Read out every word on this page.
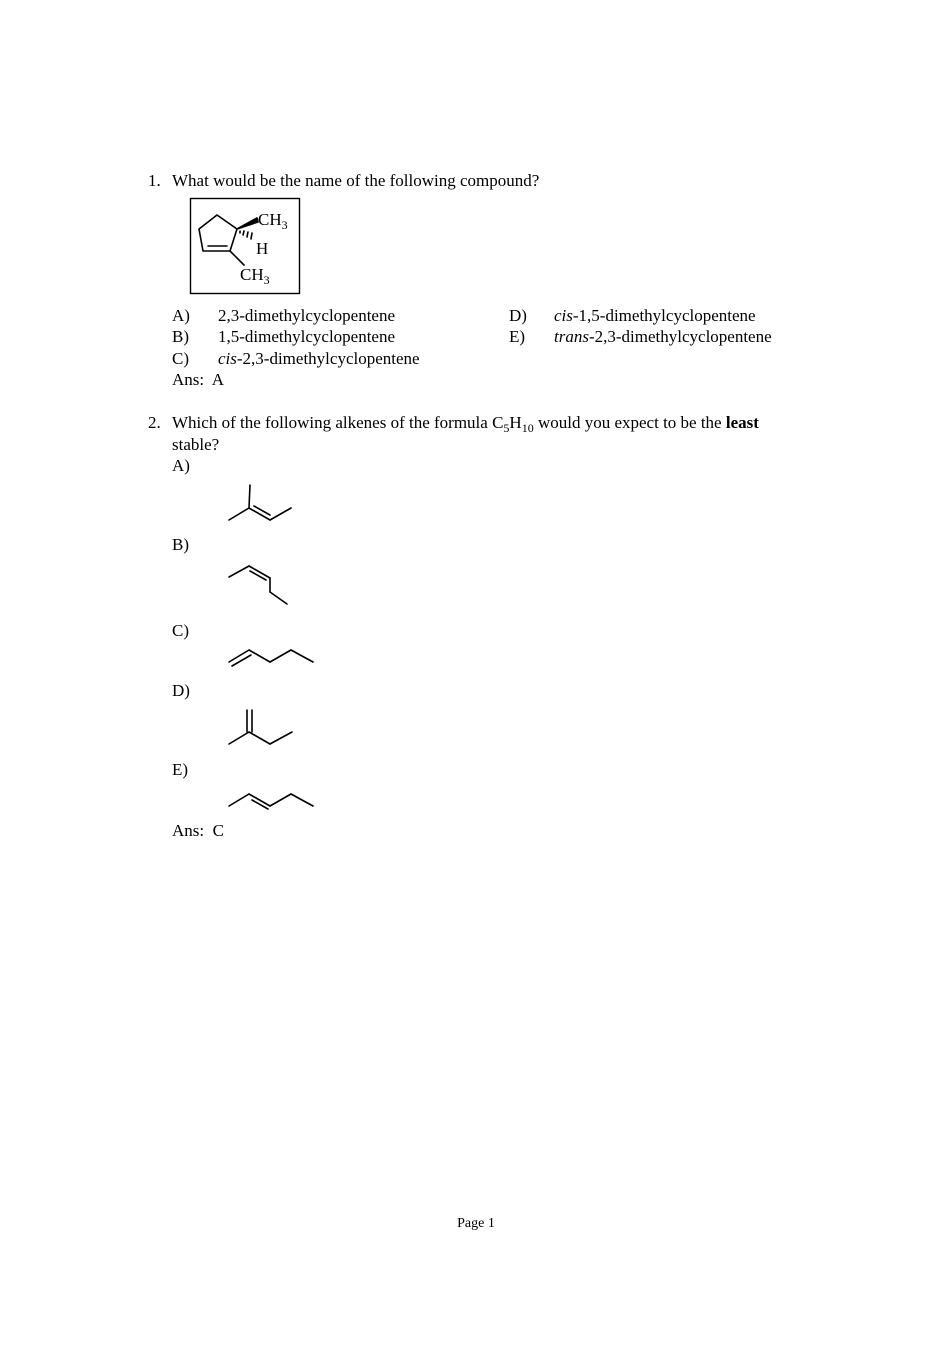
1. What would be the name of the following compound?
$CH_3$
H
$CH_3$
A) 2,3-dimethylcyclopentene
B) 1,5-dimethylcyclopentene
C) cis-2,3-dimethylcyclopentene
D) cis-1,5-dimethylcyclopentene
E) trans-2,3-dimethylcyclopentene
Ans: A
2. Which of the following alkenes of the formula $C_5H_{10}$ would you expect to be the least
stable?
A)
B)
C)
D)
E)
Ans: C
Page 1
